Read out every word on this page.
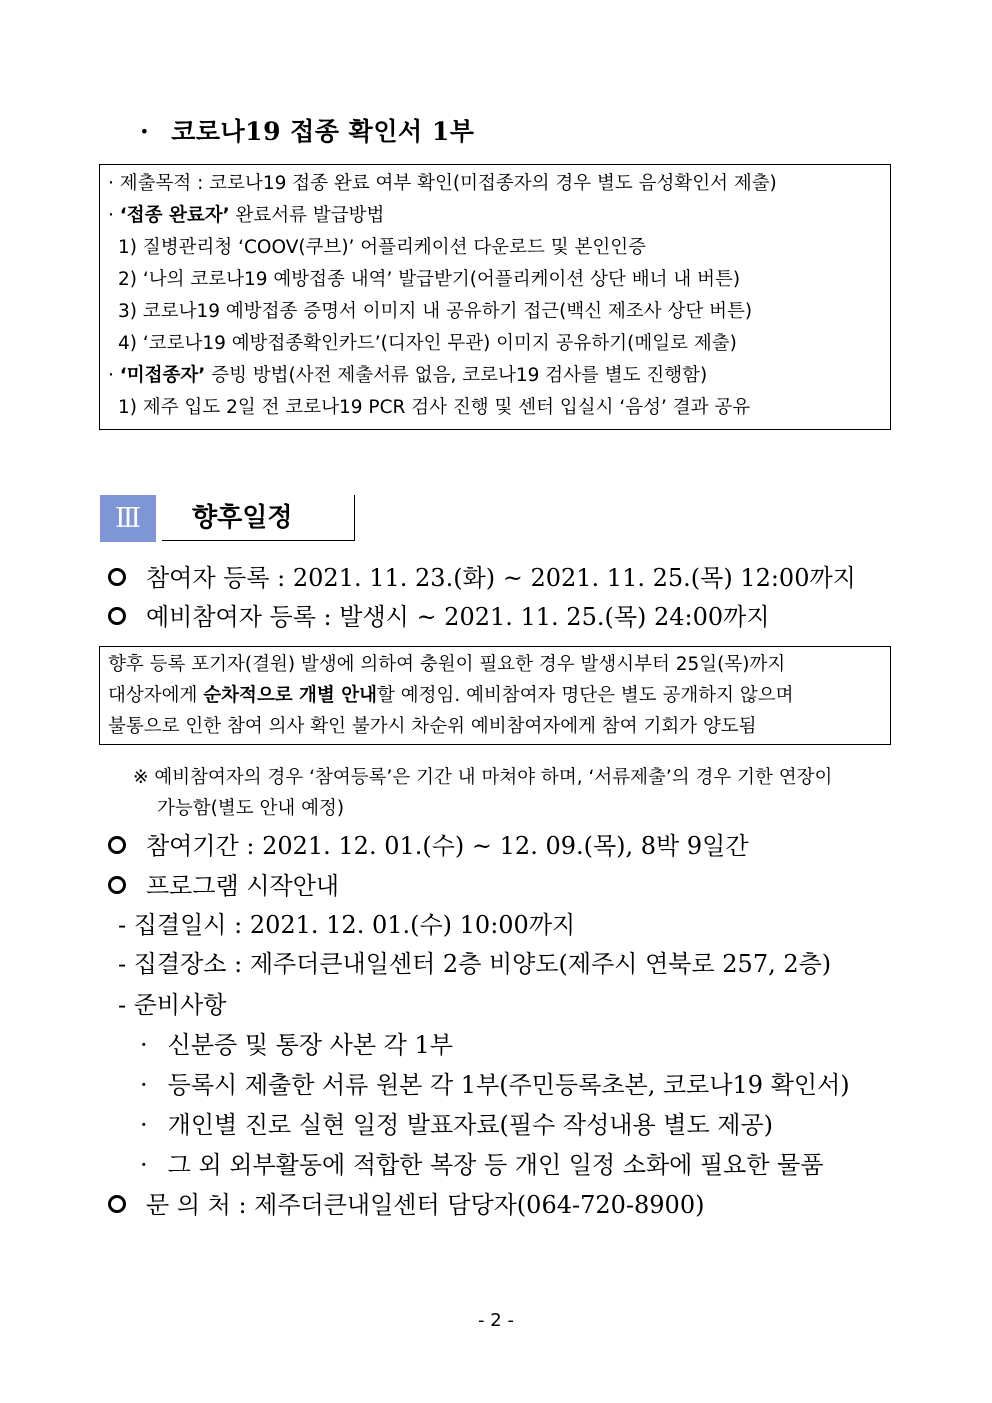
· 코로나19 접종 확인서 1부
· 제출목적 : 코로나19 접종 완료 여부 확인(미접종자의 경우 별도 음성확인서 제출)
· ‘접종 완료자’ 완료서류 발급방법
1) 질병관리청 ‘COOV(쿠브)’ 어플리케이션 다운로드 및 본인인증
2) ‘나의 코로나19 예방접종 내역’ 발급받기(어플리케이션 상단 배너 내 버튼)
3) 코로나19 예방접종 증명서 이미지 내 공유하기 접근(백신 제조사 상단 버튼)
4) ‘코로나19 예방접종확인카드’(디자인 무관) 이미지 공유하기(메일로 제출)
· ‘미접종자’ 증빙 방법(사전 제출서류 없음, 코로나19 검사를 별도 진행함)
1) 제주 입도 2일 전 코로나19 PCR 검사 진행 및 센터 입실시 ‘음성’ 결과 공유
Ⅲ	향후일정
참여자 등록 : 2021. 11. 23.(화) ~ 2021. 11. 25.(목) 12:00까지
예비참여자 등록 : 발생시 ~ 2021. 11. 25.(목) 24:00까지
향후 등록 포기자(결원) 발생에 의하여 충원이 필요한 경우 발생시부터 25일(목)까지
대상자에게 순차적으로 개별 안내할 예정임. 예비참여자 명단은 별도 공개하지 않으며
불통으로 인한 참여 의사 확인 불가시 차순위 예비참여자에게 참여 기회가 양도됨
※ 예비참여자의 경우 ‘참여등록’은 기간 내 마쳐야 하며, ‘서류제출’의 경우 기한 연장이
가능함(별도 안내 예정)
참여기간 : 2021. 12. 01.(수) ~ 12. 09.(목), 8박 9일간
프로그램 시작안내
- 집결일시 : 2021. 12. 01.(수) 10:00까지
- 집결장소 : 제주더큰내일센터 2층 비양도(제주시 연북로 257, 2층)
- 준비사항
· 신분증 및 통장 사본 각 1부
· 등록시 제출한 서류 원본 각 1부(주민등록초본, 코로나19 확인서)
· 개인별 진로 실현 일정 발표자료(필수 작성내용 별도 제공)
· 그 외 외부활동에 적합한 복장 등 개인 일정 소화에 필요한 물품
문 의 처 : 제주더큰내일센터 담당자(064-720-8900)
- 2 -
